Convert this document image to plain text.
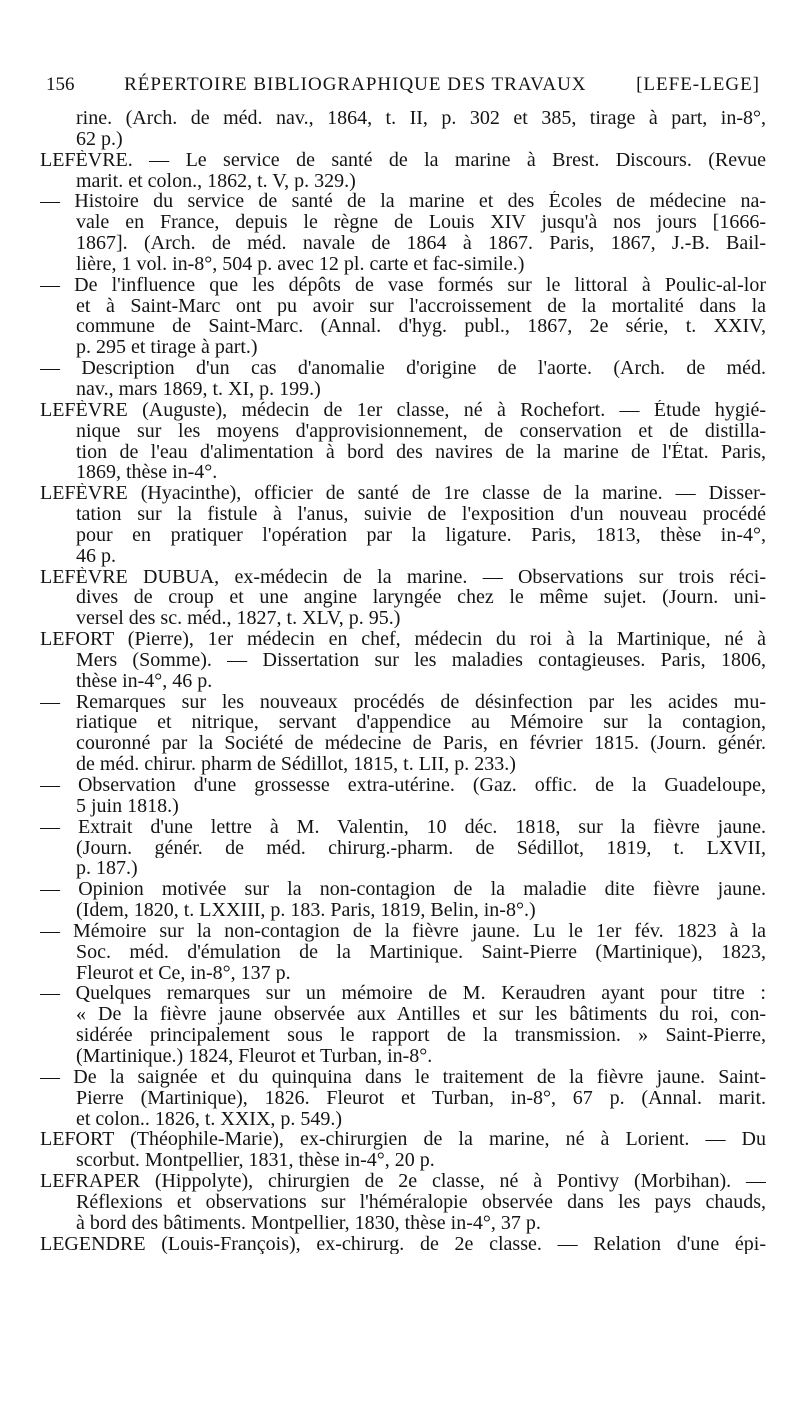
156	RÉPERTOIRE BIBLIOGRAPHIQUE DES TRAVAUX	[LEFE-LEGE]
rine. (Arch. de méd. nav., 1864, t. II, p. 302 et 385, tirage à part, in-8°,
62 p.)
LEFÈVRE. — Le service de santé de la marine à Brest. Discours. (Revue
marit. et colon., 1862, t. V, p. 329.)
— Histoire du service de santé de la marine et des Écoles de médecine na-
vale en France, depuis le règne de Louis XIV jusqu'à nos jours [1666-
1867]. (Arch. de méd. navale de 1864 à 1867. Paris, 1867, J.-B. Bail-
lière, 1 vol. in-8°, 504 p. avec 12 pl. carte et fac-simile.)
— De l'influence que les dépôts de vase formés sur le littoral à Poulic-al-lor
et à Saint-Marc ont pu avoir sur l'accroissement de la mortalité dans la
commune de Saint-Marc. (Annal. d'hyg. publ., 1867, 2e série, t. XXIV,
p. 295 et tirage à part.)
— Description d'un cas d'anomalie d'origine de l'aorte. (Arch. de méd.
nav., mars 1869, t. XI, p. 199.)
LEFÈVRE (Auguste), médecin de 1er classe, né à Rochefort. — Étude hygié-
nique sur les moyens d'approvisionnement, de conservation et de distilla-
tion de l'eau d'alimentation à bord des navires de la marine de l'État. Paris,
1869, thèse in-4°.
LEFÈVRE (Hyacinthe), officier de santé de 1re classe de la marine. — Disser-
tation sur la fistule à l'anus, suivie de l'exposition d'un nouveau procédé
pour en pratiquer l'opération par la ligature. Paris, 1813, thèse in-4°,
46 p.
LEFÈVRE DUBUA, ex-médecin de la marine. — Observations sur trois réci-
dives de croup et une angine laryngée chez le même sujet. (Journ. uni-
versel des sc. méd., 1827, t. XLV, p. 95.)
LEFORT (Pierre), 1er médecin en chef, médecin du roi à la Martinique, né à
Mers (Somme). — Dissertation sur les maladies contagieuses. Paris, 1806,
thèse in-4°, 46 p.
— Remarques sur les nouveaux procédés de désinfection par les acides mu-
riatique et nitrique, servant d'appendice au Mémoire sur la contagion,
couronné par la Société de médecine de Paris, en février 1815. (Journ. génér.
de méd. chirur. pharm de Sédillot, 1815, t. LII, p. 233.)
— Observation d'une grossesse extra-utérine. (Gaz. offic. de la Guadeloupe,
5 juin 1818.)
— Extrait d'une lettre à M. Valentin, 10 déc. 1818, sur la fièvre jaune.
(Journ. génér. de méd. chirurg.-pharm. de Sédillot, 1819, t. LXVII,
p. 187.)
— Opinion motivée sur la non-contagion de la maladie dite fièvre jaune.
(Idem, 1820, t. LXXIII, p. 183. Paris, 1819, Belin, in-8°.)
— Mémoire sur la non-contagion de la fièvre jaune. Lu le 1er fév. 1823 à la
Soc. méd. d'émulation de la Martinique. Saint-Pierre (Martinique), 1823,
Fleurot et Ce, in-8°, 137 p.
— Quelques remarques sur un mémoire de M. Keraudren ayant pour titre :
« De la fièvre jaune observée aux Antilles et sur les bâtiments du roi, con-
sidérée principalement sous le rapport de la transmission. » Saint-Pierre,
(Martinique.) 1824, Fleurot et Turban, in-8°.
— De la saignée et du quinquina dans le traitement de la fièvre jaune. Saint-
Pierre (Martinique), 1826. Fleurot et Turban, in-8°, 67 p. (Annal. marit.
et colon.. 1826, t. XXIX, p. 549.)
LEFORT (Théophile-Marie), ex-chirurgien de la marine, né à Lorient. — Du
scorbut. Montpellier, 1831, thèse in-4°, 20 p.
LEFRAPER (Hippolyte), chirurgien de 2e classe, né à Pontivy (Morbihan). —
Réflexions et observations sur l'héméralopie observée dans les pays chauds,
à bord des bâtiments. Montpellier, 1830, thèse in-4°, 37 p.
LEGENDRE (Louis-François), ex-chirurg. de 2e classe. — Relation d'une épi-
